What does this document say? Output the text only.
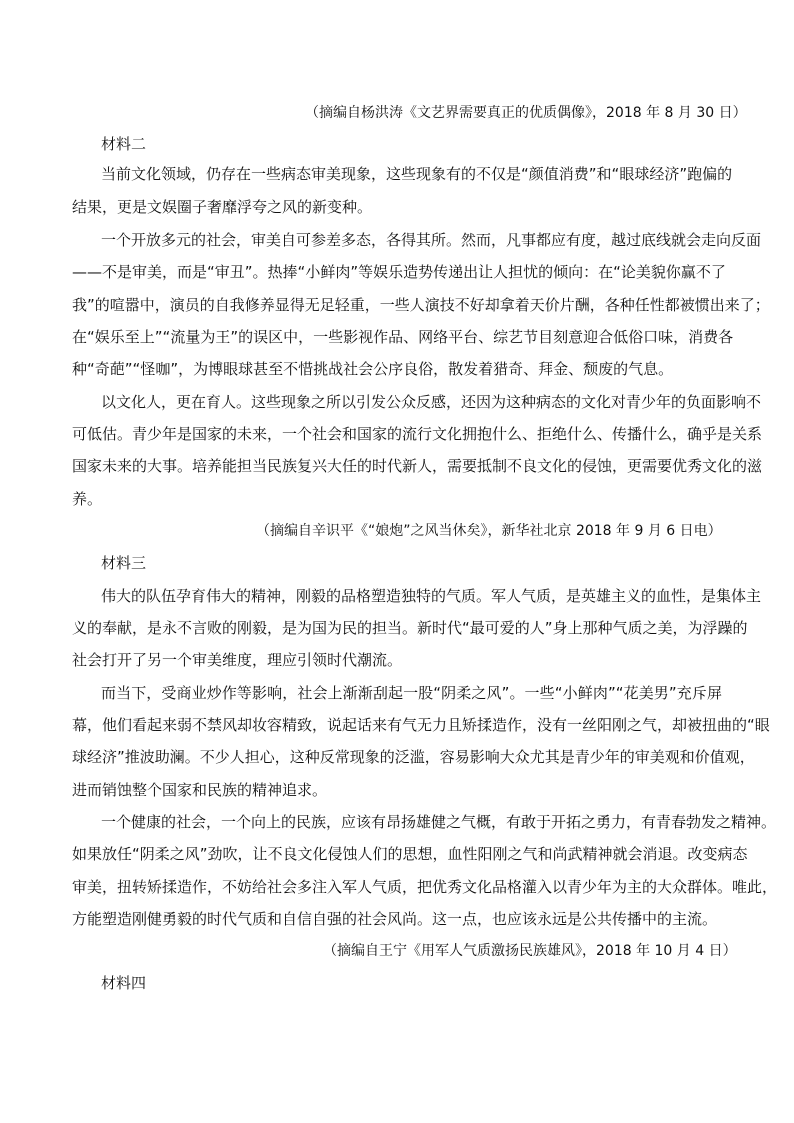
（摘编自杨洪涛《文艺界需要真正的优质偶像》，2018 年 8 月 30 日）
材料二
当前文化领域，仍存在一些病态审美现象，这些现象有的不仅是“颜值消费”和“眼球经济”跑偏的
结果，更是文娱圈子奢靡浮夸之风的新变种。
一个开放多元的社会，审美自可参差多态，各得其所。然而，凡事都应有度，越过底线就会走向反面
——不是审美，而是“审丑”。热捧“小鲜肉”等娱乐造势传递出让人担忧的倾向：在“论美貌你赢不了
我”的喧嚣中，演员的自我修养显得无足轻重，一些人演技不好却拿着天价片酬，各种任性都被惯出来了；
在“娱乐至上”“流量为王”的误区中，一些影视作品、网络平台、综艺节目刻意迎合低俗口味，消费各
种“奇葩”“怪咖”，为博眼球甚至不惜挑战社会公序良俗，散发着猎奇、拜金、颓废的气息。
以文化人，更在育人。这些现象之所以引发公众反感，还因为这种病态的文化对青少年的负面影响不
可低估。青少年是国家的未来，一个社会和国家的流行文化拥抱什么、拒绝什么、传播什么，确乎是关系
国家未来的大事。培养能担当民族复兴大任的时代新人，需要抵制不良文化的侵蚀，更需要优秀文化的滋
养。
（摘编自辛识平《“娘炮”之风当休矣》，新华社北京 2018 年 9 月 6 日电）
材料三
伟大的队伍孕育伟大的精神，刚毅的品格塑造独特的气质。军人气质，是英雄主义的血性，是集体主
义的奉献，是永不言败的刚毅，是为国为民的担当。新时代“最可爱的人”身上那种气质之美，为浮躁的
社会打开了另一个审美维度，理应引领时代潮流。
而当下，受商业炒作等影响，社会上渐渐刮起一股“阴柔之风”。一些“小鲜肉”“花美男”充斥屏
幕，他们看起来弱不禁风却妆容精致，说起话来有气无力且矫揉造作，没有一丝阳刚之气，却被扭曲的“眼
球经济”推波助澜。不少人担心，这种反常现象的泛滥，容易影响大众尤其是青少年的审美观和价值观，
进而销蚀整个国家和民族的精神追求。
一个健康的社会，一个向上的民族，应该有昂扬雄健之气概，有敢于开拓之勇力，有青春勃发之精神。
如果放任“阴柔之风”劲吹，让不良文化侵蚀人们的思想，血性阳刚之气和尚武精神就会消退。改变病态
审美，扭转矫揉造作，不妨给社会多注入军人气质，把优秀文化品格灌入以青少年为主的大众群体。唯此，
方能塑造刚健勇毅的时代气质和自信自强的社会风尚。这一点，也应该永远是公共传播中的主流。
（摘编自王宁《用军人气质激扬民族雄风》，2018 年 10 月 4 日）
材料四
